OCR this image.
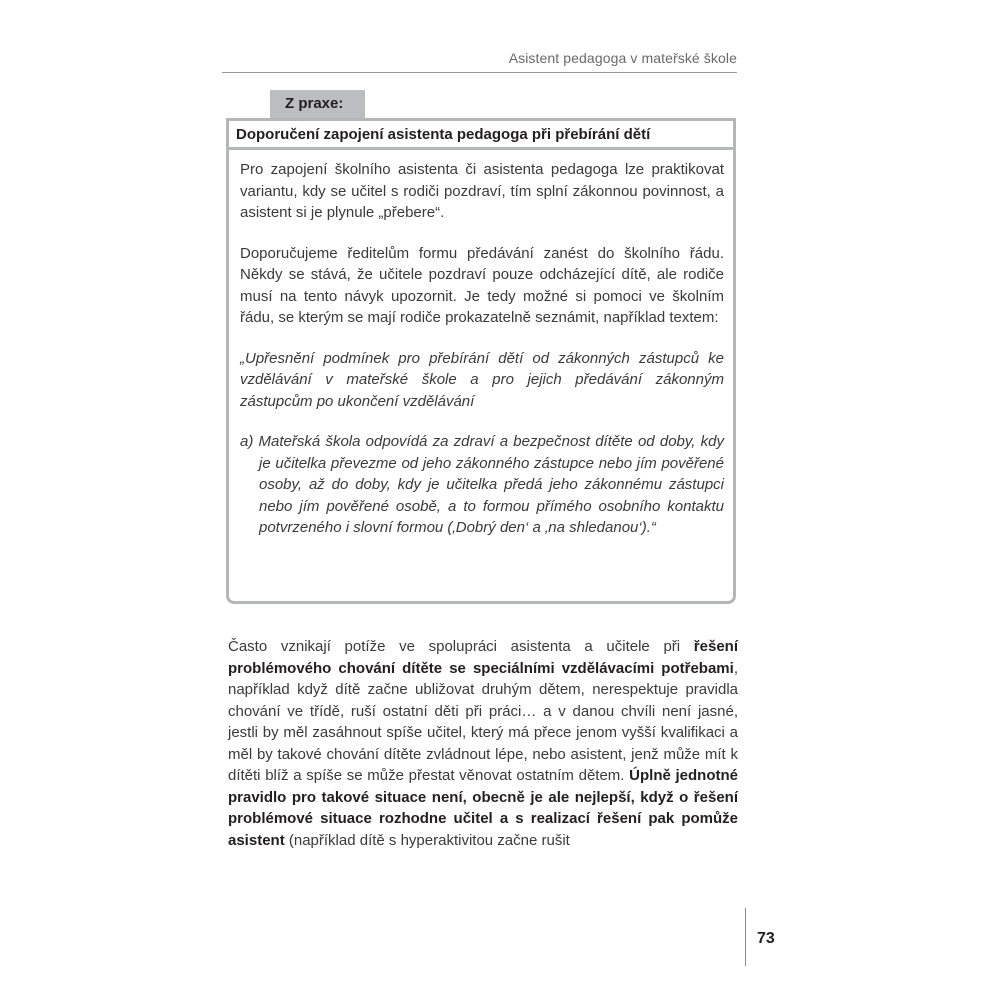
Asistent pedagoga v mateřské škole
Z praxe:
Doporučení zapojení asistenta pedagoga při přebírání dětí

Pro zapojení školního asistenta či asistenta pedagoga lze praktikovat variantu, kdy se učitel s rodiči pozdraví, tím splní zákonnou povinnost, a asistent si je plynule „přebere“.

Doporučujeme ředitelům formu předávání zanést do školního řádu. Někdy se stává, že učitele pozdraví pouze odcházející dítě, ale rodiče musí na tento návyk upozornit. Je tedy možné si pomoci ve školním řádu, se kterým se mají rodiče prokazatelně seznámit, například textem:

„Upřesnění podmínek pro přebírání dětí od zákonných zástupců ke vzdělávání v mateřské škole a pro jejich předávání zákonným zástupcům po ukončení vzdělávání

a) Mateřská škola odpovídá za zdraví a bezpečnost dítěte od doby, kdy je učitelka převezme od jeho zákonného zástupce nebo jím pověřené osoby, až do doby, kdy je učitelka předá jeho zákonnému zástupci nebo jím pověřené osobě, a to formou přímého osobního kontaktu potvrzeného i slovní formou (‚Dobrý den‘ a ‚na shledanou‘).“

Často vznikají potíže ve spolupráci asistenta a učitele při řešení problémového chování dítěte se speciálními vzdělávacími potřebami, například když dítě začne ubližovat druhým dětem, nerespektuje pravidla chování ve třídě, ruší ostatní děti při práci… a v danou chvíli není jasné, jestli by měl zasáhnout spíše učitel, který má přece jenom vyšší kvalifikaci a měl by takové chování dítěte zvládnout lépe, nebo asistent, jenž může mít k dítěti blíž a spíše se může přestat věnovat ostatním dětem. Úplně jednotné pravidlo pro takové situace není, obecně je ale nejlepší, když o řešení problémové situace rozhodne učitel a s realizací řešení pak pomůže asistent (například dítě s hyperaktivitou začne rušit
73
